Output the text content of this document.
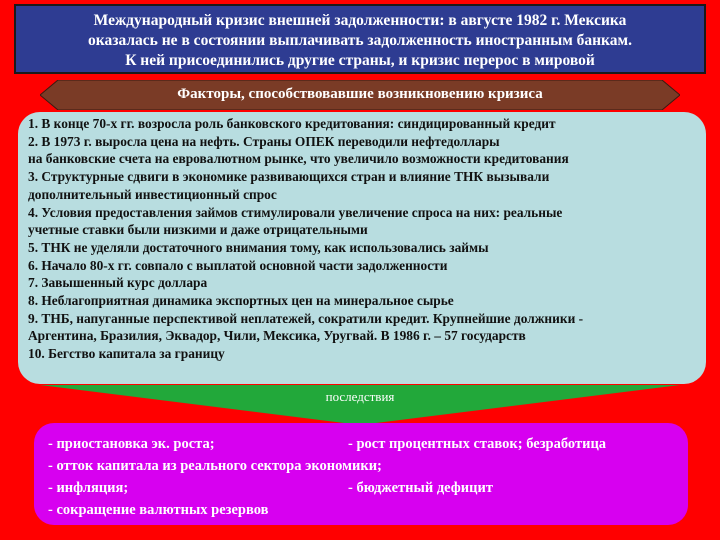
Международный кризис внешней задолженности: в августе 1982 г. Мексика
оказалась не в состоянии выплачивать задолженность иностранным банкам.
К ней присоединились другие страны, и кризис перерос в мировой
Факторы, способствовавшие возникновению кризиса
1. В конце 70-х гг. возросла роль банковского кредитования: синдицированный кредит
2. В 1973 г. выросла цена на нефть. Страны ОПЕК переводили нефтедоллары
на банковские счета на евровалютном рынке, что увеличило возможности кредитования
3. Структурные сдвиги в экономике развивающихся стран и влияние ТНК вызывали
дополнительный инвестиционный спрос
4. Условия предоставления займов стимулировали увеличение спроса на них: реальные
учетные ставки были низкими и даже отрицательными
5. ТНК не уделяли достаточного внимания тому, как использовались займы
6. Начало 80-х гг. совпало с выплатой основной части задолженности
7. Завышенный курс доллара
8. Неблагоприятная динамика экспортных цен на минеральное сырье
9. ТНБ, напуганные перспективой неплатежей, сократили кредит. Крупнейшие должники -
Аргентина, Бразилия, Эквадор, Чили, Мексика, Уругвай. В 1986 г. – 57 государств
10. Бегство капитала за границу
последствия
- приостановка эк. роста;	- рост процентных ставок; безработица
- отток капитала из реального сектора экономики;
- инфляция;	- бюджетный дефицит
- сокращение валютных резервов
